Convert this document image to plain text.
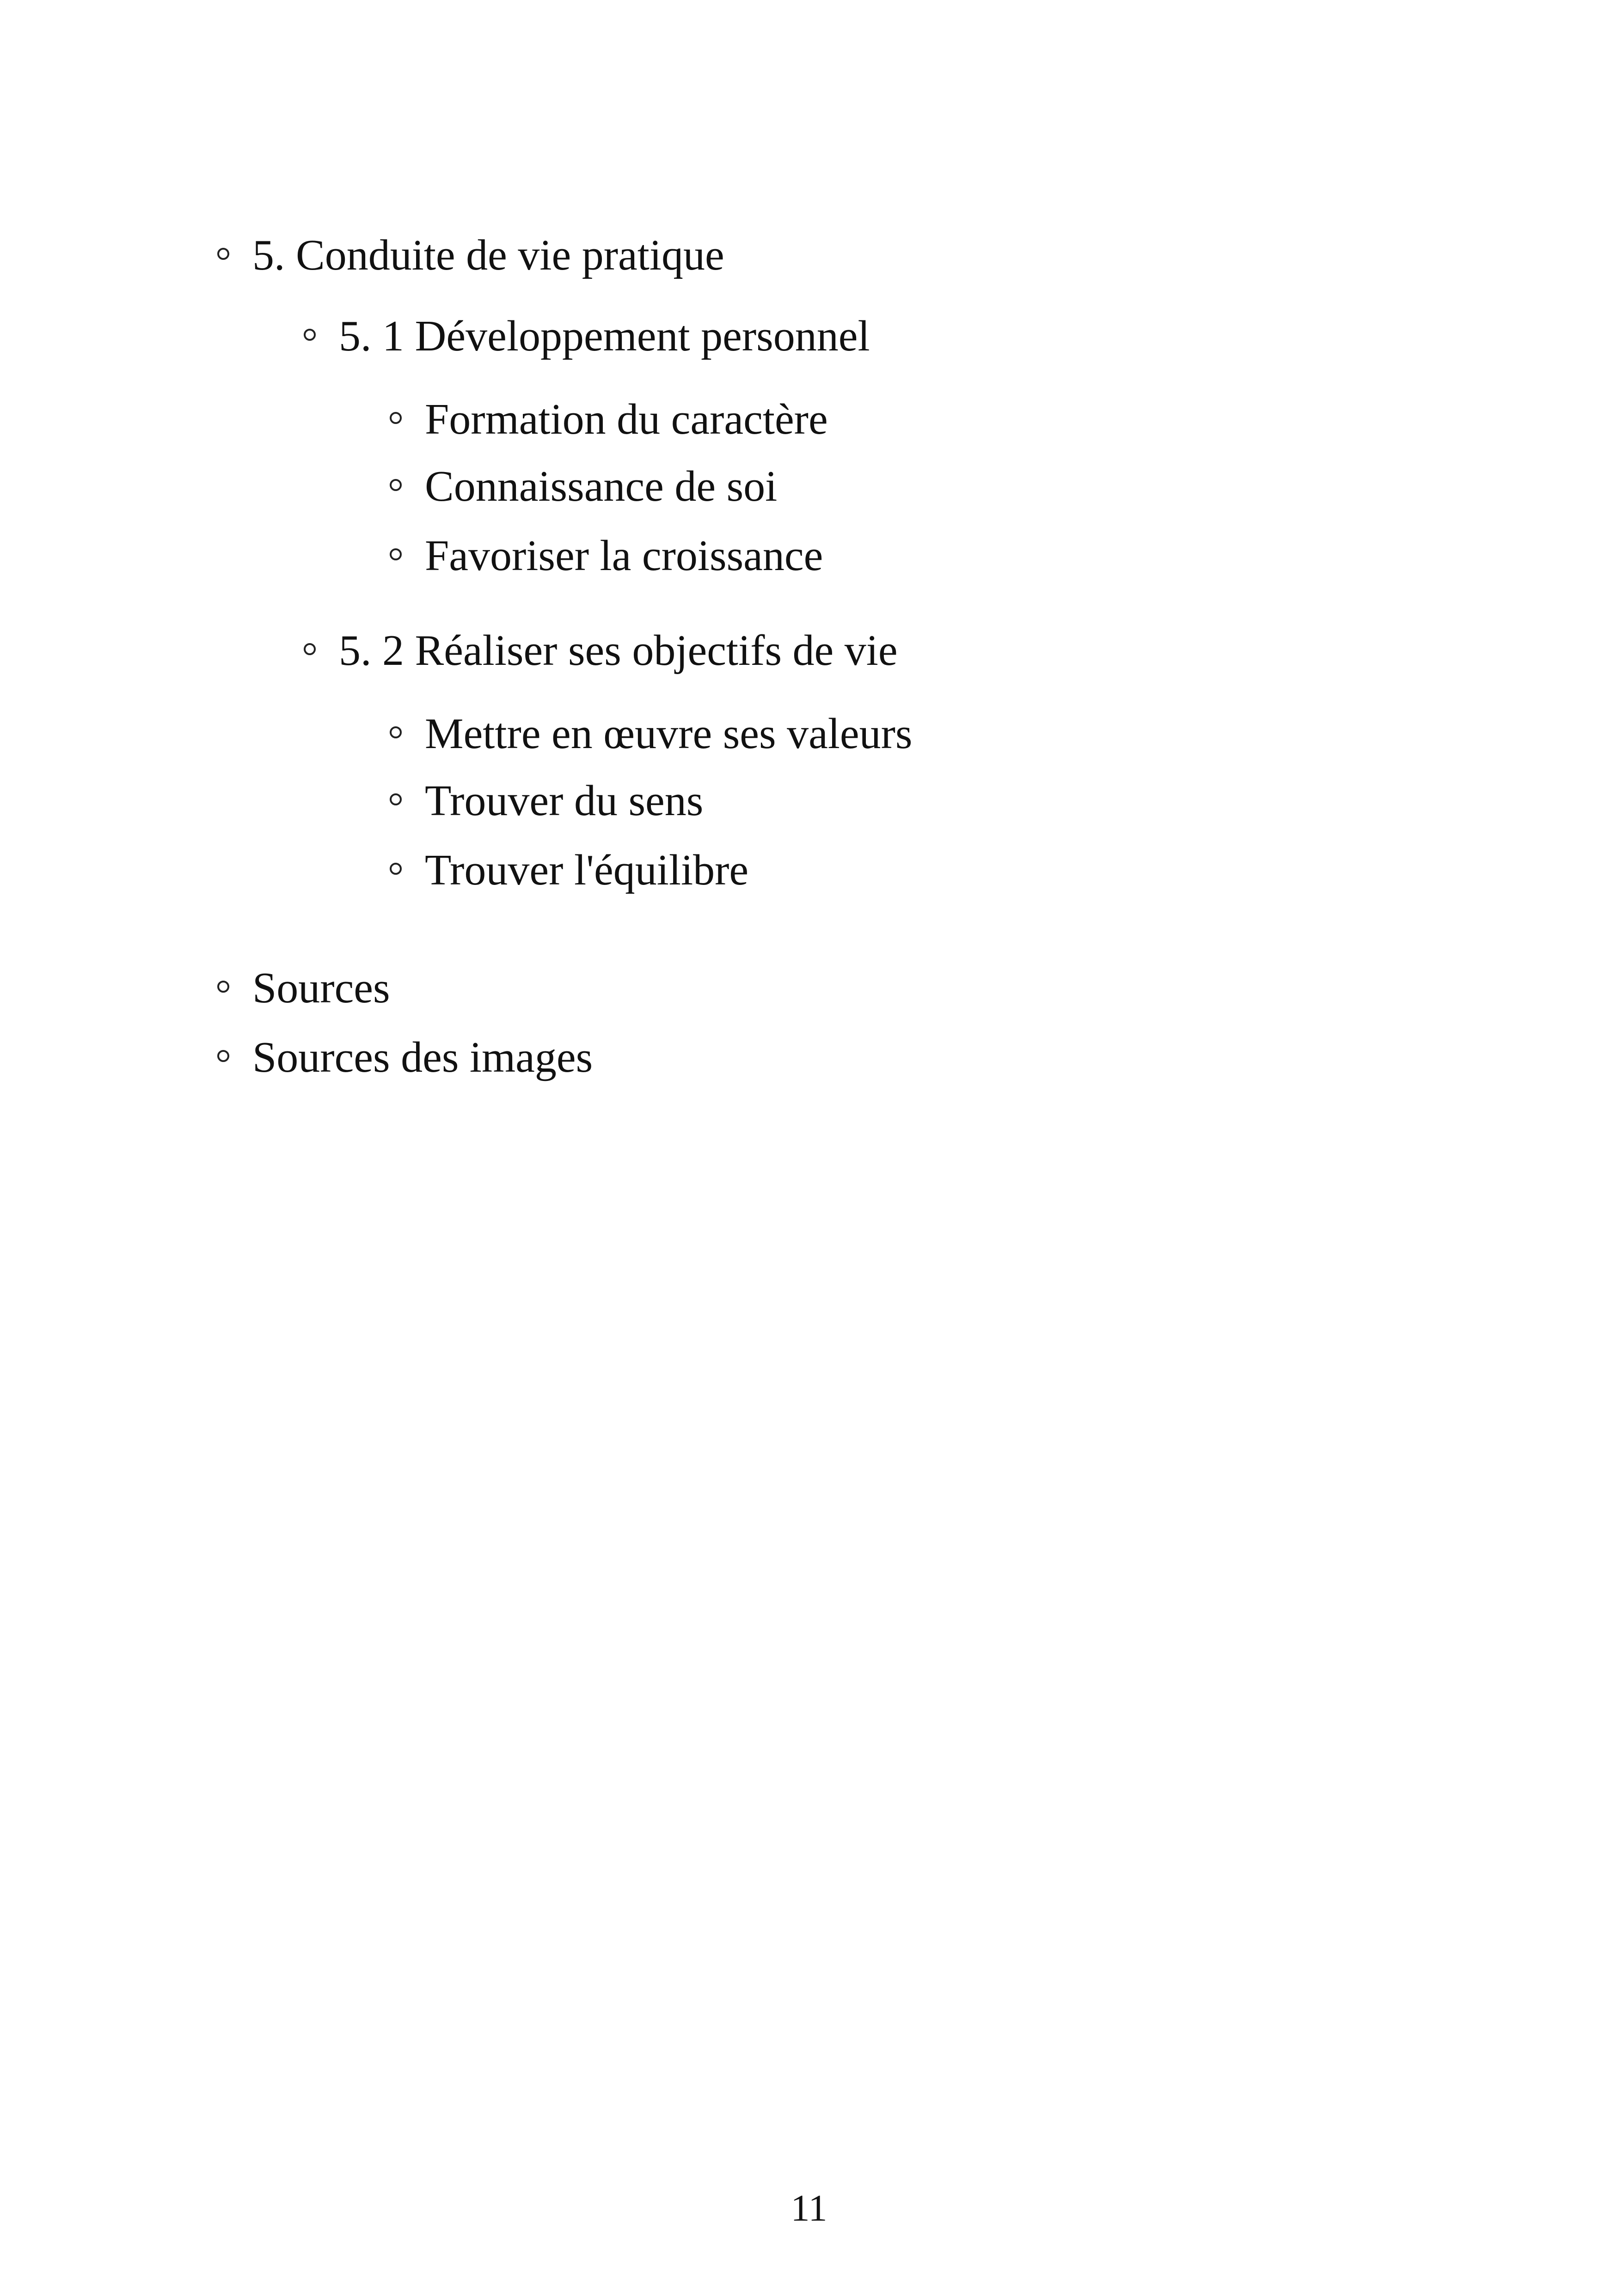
5. Conduite de vie pratique
5. 1 Développement personnel
Formation du caractère
Connaissance de soi
Favoriser la croissance
5. 2 Réaliser ses objectifs de vie
Mettre en œuvre ses valeurs
Trouver du sens
Trouver l'équilibre
Sources
Sources des images
11
